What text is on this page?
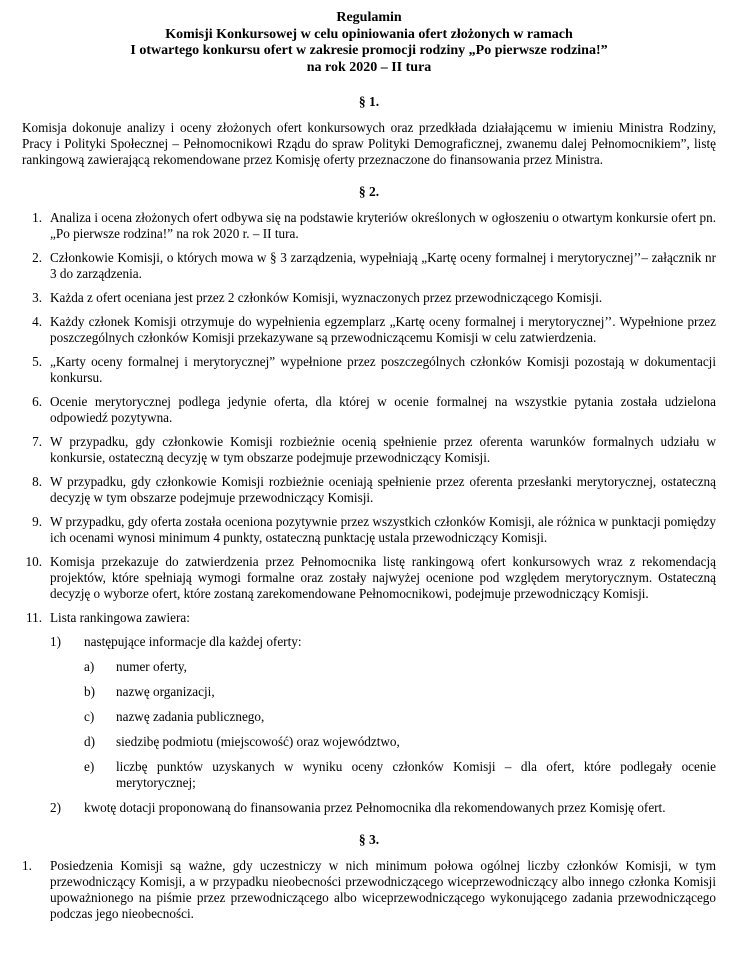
Regulamin
Komisji Konkursowej w celu opiniowania ofert złożonych w ramach
I otwartego konkursu ofert w zakresie promocji rodziny „Po pierwsze rodzina!”
na rok 2020 – II tura
§ 1.
Komisja dokonuje analizy i oceny złożonych ofert konkursowych oraz przedkłada działającemu w imieniu Ministra Rodziny, Pracy i Polityki Społecznej – Pełnomocnikowi Rządu do spraw Polityki Demograficznej, zwanemu dalej Pełnomocnikiem”, listę rankingową zawierającą rekomendowane przez Komisję oferty przeznaczone do finansowania przez Ministra.
§ 2.
1. Analiza i ocena złożonych ofert odbywa się na podstawie kryteriów określonych w ogłoszeniu o otwartym konkursie ofert pn. „Po pierwsze rodzina!” na rok 2020 r. – II tura.
2. Członkowie Komisji, o których mowa w § 3 zarządzenia, wypełniają „Kartę oceny formalnej i merytorycznej’’– załącznik nr 3 do zarządzenia.
3. Każda z ofert oceniana jest przez 2 członków Komisji, wyznaczonych przez przewodniczącego Komisji.
4. Każdy członek Komisji otrzymuje do wypełnienia egzemplarz „Kartę oceny formalnej i merytorycznej’’. Wypełnione przez poszczególnych członków Komisji przekazywane są przewodniczącemu Komisji w celu zatwierdzenia.
5. „Karty oceny formalnej i merytorycznej” wypełnione przez poszczególnych członków Komisji pozostają w dokumentacji konkursu.
6. Ocenie merytorycznej podlega jedynie oferta, dla której w ocenie formalnej na wszystkie pytania została udzielona odpowiedź pozytywna.
7. W przypadku, gdy członkowie Komisji rozbieżnie ocenią spełnienie przez oferenta warunków formalnych udziału w konkursie, ostateczną decyzję w tym obszarze podejmuje przewodniczący Komisji.
8. W przypadku, gdy członkowie Komisji rozbieżnie oceniają spełnienie przez oferenta przesłanki merytorycznej, ostateczną decyzję w tym obszarze podejmuje przewodniczący Komisji.
9. W przypadku, gdy oferta została oceniona pozytywnie przez wszystkich członków Komisji, ale różnica w punktacji pomiędzy ich ocenami wynosi minimum 4 punkty, ostateczną punktację ustala przewodniczący Komisji.
10. Komisja przekazuje do zatwierdzenia przez Pełnomocnika listę rankingową ofert konkursowych wraz z rekomendacją projektów, które spełniają wymogi formalne oraz zostały najwyżej ocenione pod względem merytorycznym. Ostateczną decyzję o wyborze ofert, które zostaną zarekomendowane Pełnomocnikowi, podejmuje przewodniczący Komisji.
11. Lista rankingowa zawiera:
1)	następujące informacje dla każdej oferty:
a)	numer oferty,
b)	nazwę organizacji,
c)	nazwę zadania publicznego,
d)	siedzibę podmiotu (miejscowość) oraz województwo,
e)	liczbę punktów uzyskanych w wyniku oceny członków Komisji – dla ofert, które podlegały ocenie merytorycznej;
2)	kwotę dotacji proponowaną do finansowania przez Pełnomocnika dla rekomendowanych przez Komisję ofert.
§ 3.
1.	Posiedzenia Komisji są ważne, gdy uczestniczy w nich minimum połowa ogólnej liczby członków Komisji, w tym przewodniczący Komisji, a w przypadku nieobecności przewodniczącego wiceprzewodniczący albo innego członka Komisji upoważnionego na piśmie przez przewodniczącego albo wiceprzewodniczącego wykonującego zadania przewodniczącego podczas jego nieobecności.
